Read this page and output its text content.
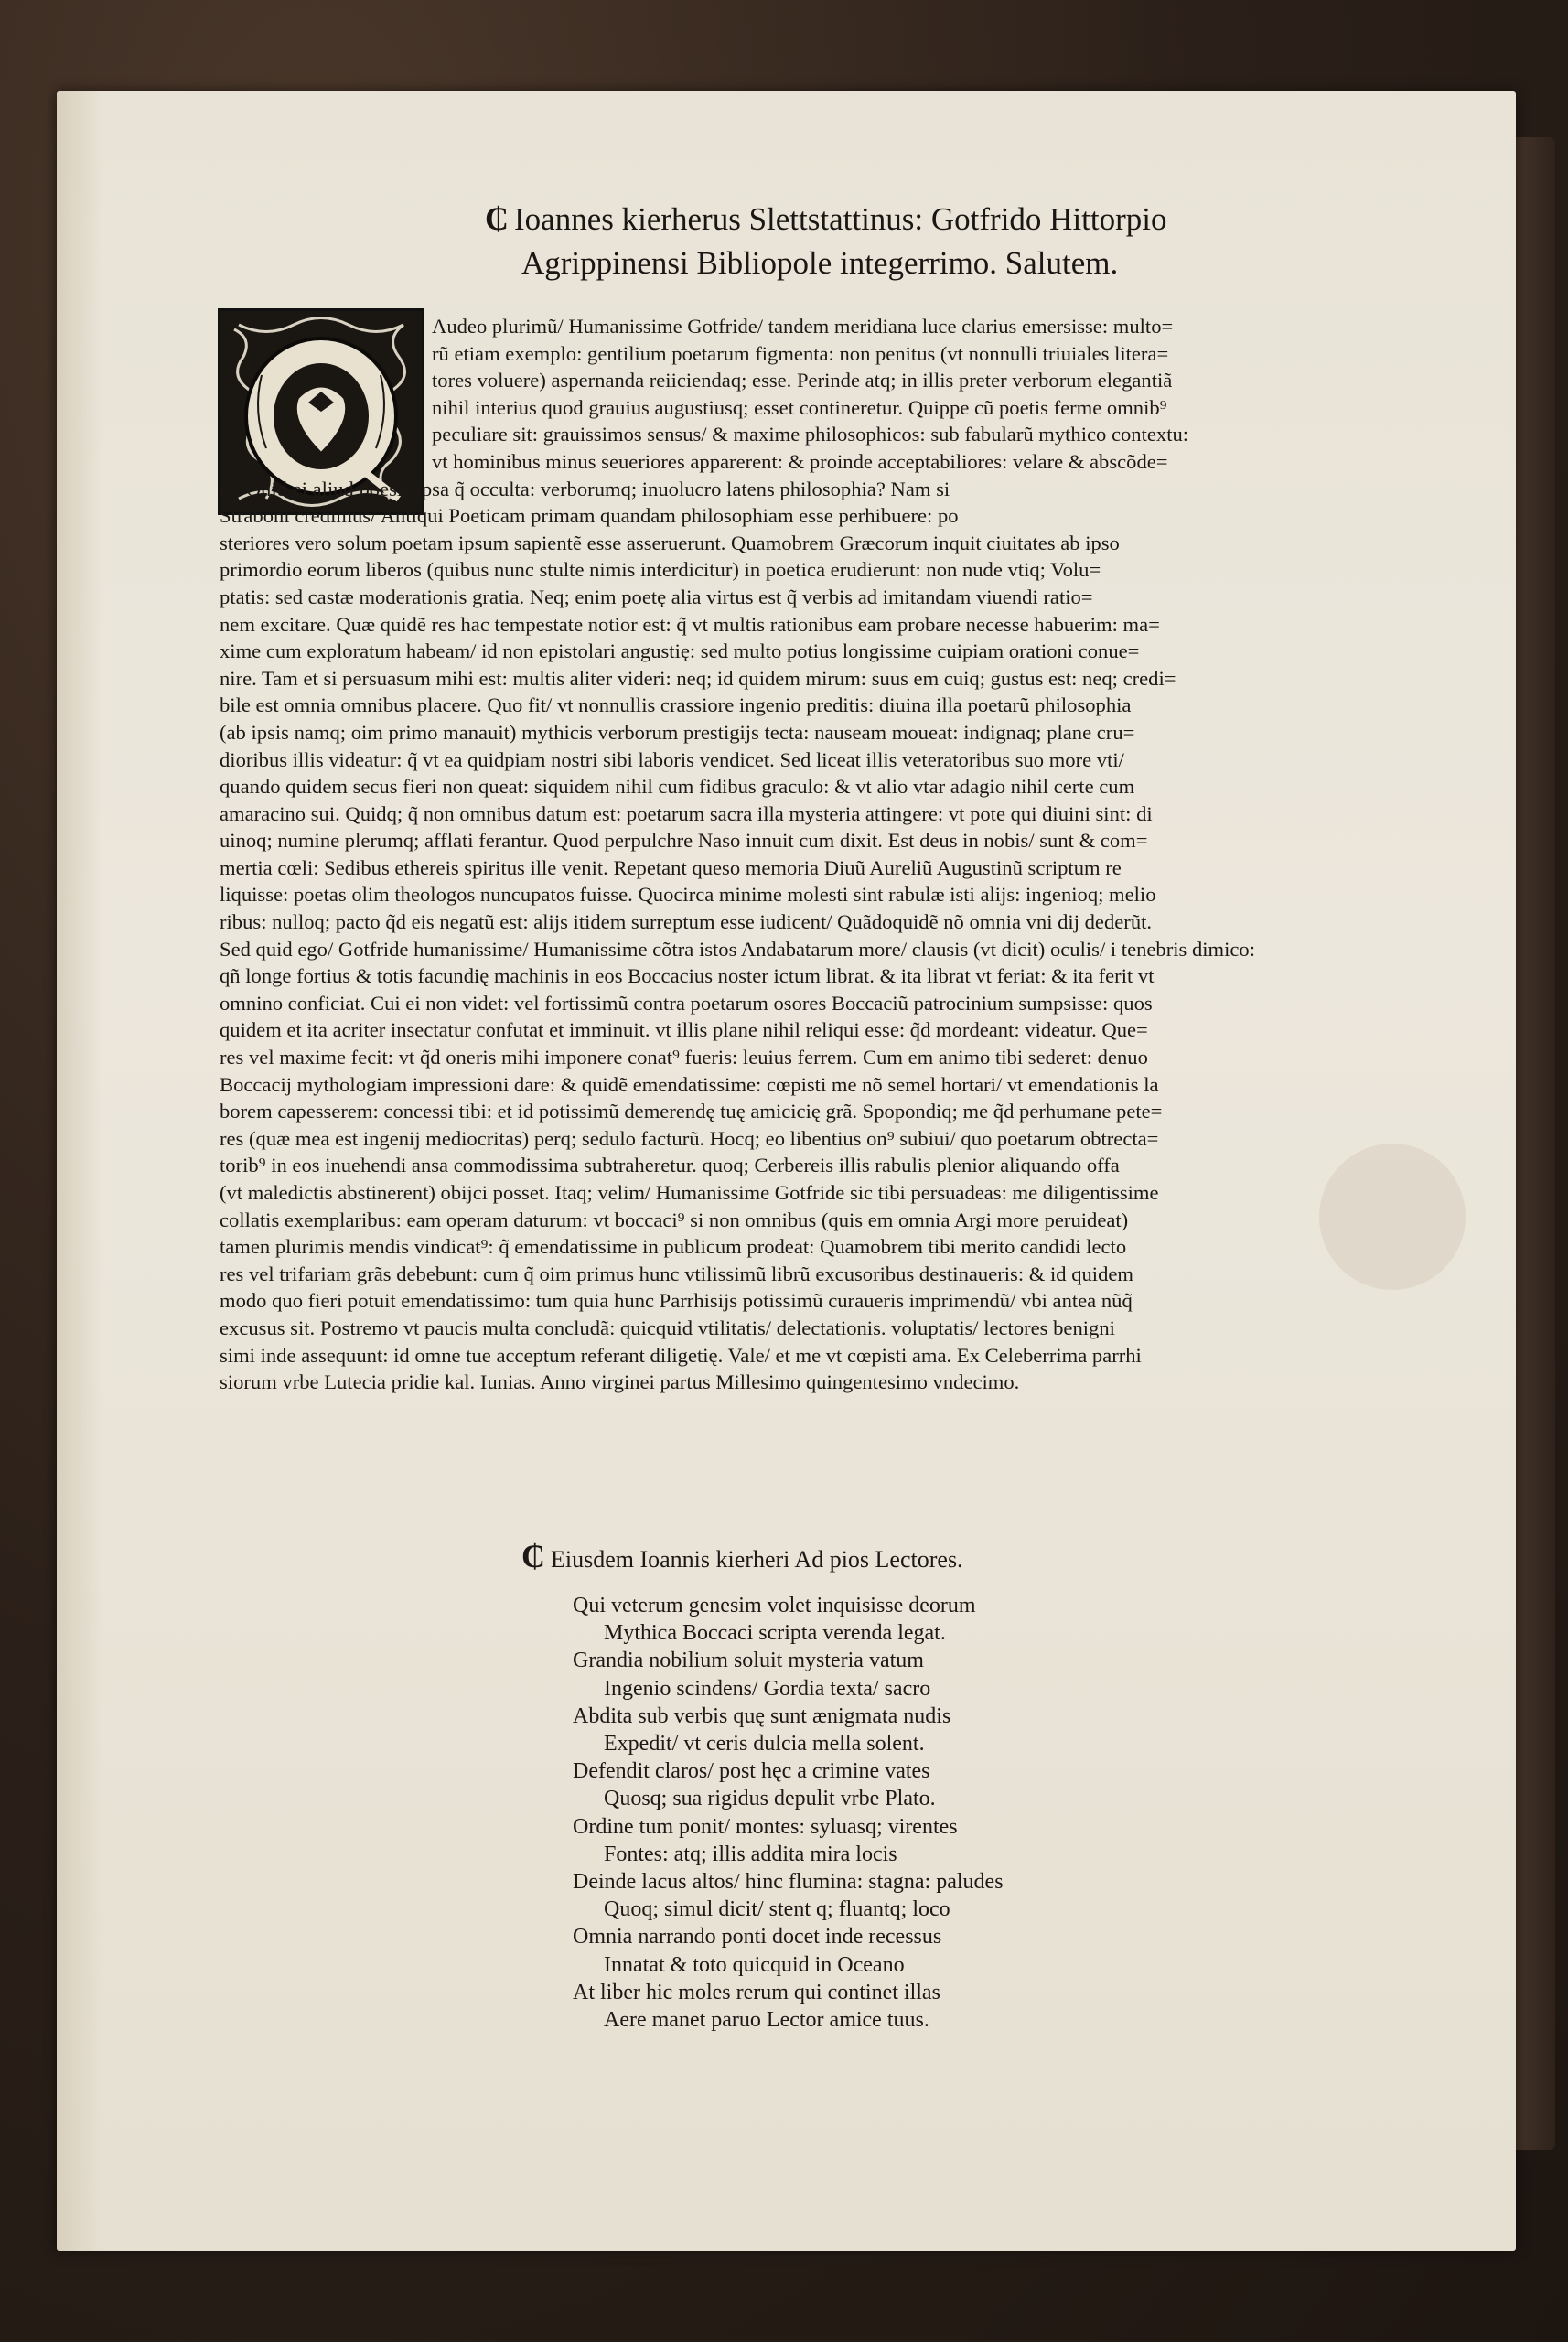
₵ Ioannes kierherus Slettstattinus: Gotfrido Hittorpio
Agrippinensi Bibliopole integerrimo. Salutem.
Audeo plurimũ/ Humanissime Gotfride/ tandem meridiana luce clarius emersisse: multo=
rũ etiam exemplo: gentilium poetarum figmenta: non penitus (vt nonnulli triuiales litera=
tores voluere) aspernanda reiiciendaq; esse. Perinde atq; in illis preter verborum elegantiã
nihil interius quod grauius augustiusq; esset contineretur. Quippe cũ poetis ferme omnib⁹
peculiare sit: grauissimos sensus/ & maxime philosophicos: sub fabularũ mythico contextu:
vt hominibus minus seueriores apparerent: & proinde acceptabiliores: velare & abscõde=
re. Quid ei aliud poesis ipsa q̃ occulta: verborumq; inuolucro latens philosophia? Nam si
Straboni credimus/ Antiqui Poeticam primam quandam philosophiam esse perhibuere: po
steriores vero solum poetam ipsum sapientẽ esse asseruerunt. Quamobrem Græcorum inquit ciuitates ab ipso
primordio eorum liberos (quibus nunc stulte nimis interdicitur) in poetica erudierunt: non nude vtiq; Volu=
ptatis: sed castæ moderationis gratia. Neq; enim poetę alia virtus est q̃ verbis ad imitandam viuendi ratio=
nem excitare. Quæ quidẽ res hac tempestate notior est: q̃ vt multis rationibus eam probare necesse habuerim: ma=
xime cum exploratum habeam/ id non epistolari angustię: sed multo potius longissime cuipiam orationi conue=
nire. Tam et si persuasum mihi est: multis aliter videri: neq; id quidem mirum: suus em cuiq; gustus est: neq; credi=
bile est omnia omnibus placere. Quo fit/ vt nonnullis crassiore ingenio preditis: diuina illa poetarũ philosophia
(ab ipsis namq; oim primo manauit) mythicis verborum prestigijs tecta: nauseam moueat: indignaq; plane cru=
dioribus illis videatur: q̃ vt ea quidpiam nostri sibi laboris vendicet. Sed liceat illis veteratoribus suo more vti/
quando quidem secus fieri non queat: siquidem nihil cum fidibus graculo: & vt alio vtar adagio nihil certe cum
amaracino sui. Quidq; q̃ non omnibus datum est: poetarum sacra illa mysteria attingere: vt pote qui diuini sint: di
uinoq; numine plerumq; afflati ferantur. Quod perpulchre Naso innuit cum dixit. Est deus in nobis/ sunt & com=
mertia cœli: Sedibus ethereis spiritus ille venit. Repetant queso memoria Diuũ Aureliũ Augustinũ scriptum re
liquisse: poetas olim theologos nuncupatos fuisse. Quocirca minime molesti sint rabulæ isti alijs: ingenioq; melio
ribus: nulloq; pacto q̃d eis negatũ est: alijs itidem surreptum esse iudicent/ Quãdoquidẽ nõ omnia vni dij dederũt.
Sed quid ego/ Gotfride humanissime/ Humanissime cõtra istos Andabatarum more/ clausis (vt dicit) oculis/ i tenebris dimico:
qñ longe fortius & totis facundię machinis in eos Boccacius noster ictum librat. & ita librat vt feriat: & ita ferit vt
omnino conficiat. Cui ei non videt: vel fortissimũ contra poetarum osores Boccaciũ patrocinium sumpsisse: quos
quidem et ita acriter insectatur confutat et imminuit. vt illis plane nihil reliqui esse: q̃d mordeant: videatur. Que=
res vel maxime fecit: vt q̃d oneris mihi imponere conat⁹ fueris: leuius ferrem. Cum em animo tibi sederet: denuo
Boccacij mythologiam impressioni dare: & quidẽ emendatissime: cœpisti me nõ semel hortari/ vt emendationis la
borem capesserem: concessi tibi: et id potissimũ demerendę tuę amicicię grã. Spopondiq; me q̃d perhumane pete=
res (quæ mea est ingenij mediocritas) perq; sedulo facturũ. Hocq; eo libentius on⁹ subiui/ quo poetarum obtrecta=
torib⁹ in eos inuehendi ansa commodissima subtraheretur. quoq; Cerbereis illis rabulis plenior aliquando offa
(vt maledictis abstinerent) obijci posset. Itaq; velim/ Humanissime Gotfride sic tibi persuadeas: me diligentissime
collatis exemplaribus: eam operam daturum: vt boccaci⁹ si non omnibus (quis em omnia Argi more peruideat)
tamen plurimis mendis vindicat⁹: q̃ emendatissime in publicum prodeat: Quamobrem tibi merito candidi lecto
res vel trifariam grãs debebunt: cum q̃ oim primus hunc vtilissimũ librũ excusoribus destinaueris: & id quidem
modo quo fieri potuit emendatissimo: tum quia hunc Parrhisijs potissimũ curaueris imprimendũ/ vbi antea nũq̃
excusus sit. Postremo vt paucis multa concludã: quicquid vtilitatis/ delectationis. voluptatis/ lectores benigni
simi inde assequunt: id omne tue acceptum referant diligetię. Vale/ et me vt cœpisti ama. Ex Celeberrima parrhi
siorum vrbe Lutecia pridie kal. Iunias. Anno virginei partus Millesimo quingentesimo vndecimo.
₵ Eiusdem Ioannis kierheri Ad pios Lectores.
Qui veterum genesim volet inquisisse deorum
Mythica Boccaci scripta verenda legat.
Grandia nobilium soluit mysteria vatum
Ingenio scindens/ Gordia texta/ sacro
Abdita sub verbis quę sunt ænigmata nudis
Expedit/ vt ceris dulcia mella solent.
Defendit claros/ post hęc a crimine vates
Quosq; sua rigidus depulit vrbe Plato.
Ordine tum ponit/ montes: syluasq; virentes
Fontes: atq; illis addita mira locis
Deinde lacus altos/ hinc flumina: stagna: paludes
Quoq; simul dicit/ stent q; fluantq; loco
Omnia narrando ponti docet inde recessus
Innatat & toto quicquid in Oceano
At liber hic moles rerum qui continet illas
Aere manet paruo Lector amice tuus.
